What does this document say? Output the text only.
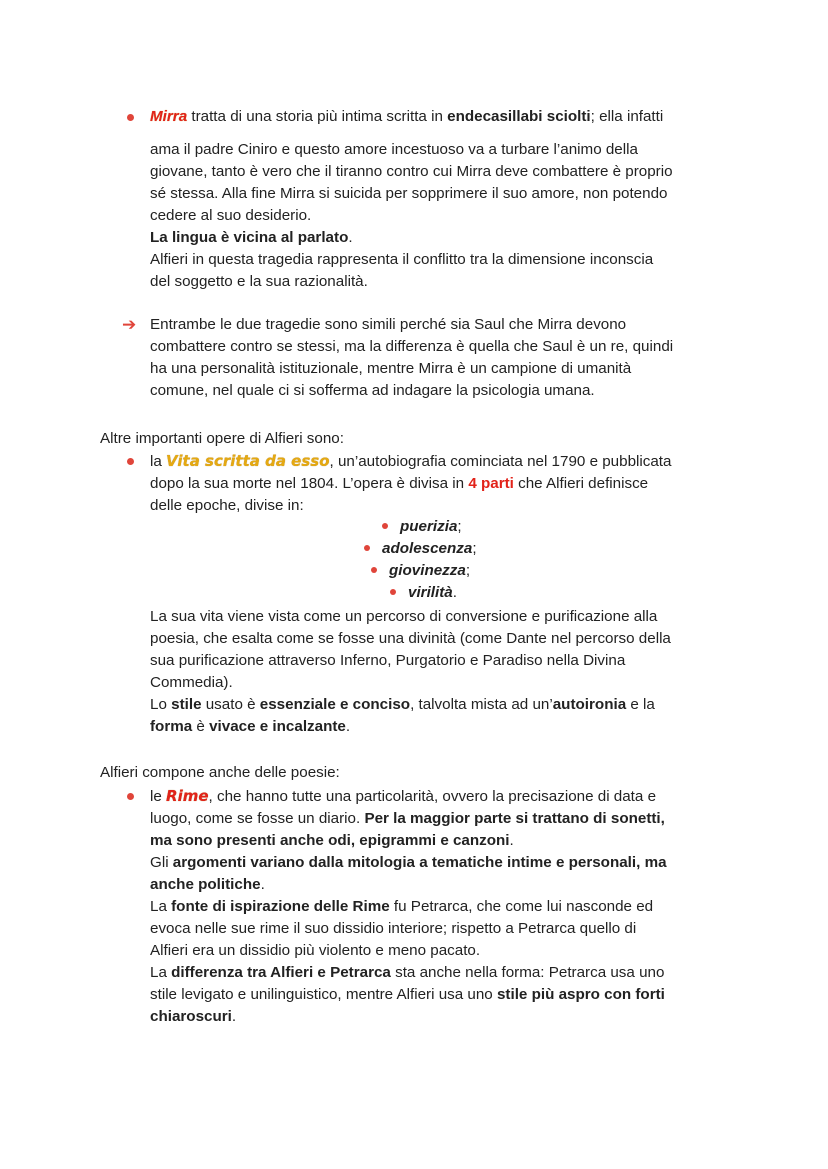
Mirra tratta di una storia più intima scritta in endecasillabi sciolti; ella infatti
ama il padre Ciniro e questo amore incestuoso va a turbare l’animo della
giovane, tanto è vero che il tiranno contro cui Mirra deve combattere è proprio
sé stessa. Alla fine Mirra si suicida per sopprimere il suo amore, non potendo
cedere al suo desiderio.
La lingua è vicina al parlato.
Alfieri in questa tragedia rappresenta il conflitto tra la dimensione inconscia
del soggetto e la sua razionalità.
➔ Entrambe le due tragedie sono simili perché sia Saul che Mirra devono
combattere contro se stessi, ma la differenza è quella che Saul è un re, quindi
ha una personalità istituzionale, mentre Mirra è un campione di umanità
comune, nel quale ci si sofferma ad indagare la psicologia umana.
Altre importanti opere di Alfieri sono:
la Vita scritta da esso, un’autobiografia cominciata nel 1790 e pubblicata
dopo la sua morte nel 1804. L’opera è divisa in 4 parti che Alfieri definisce
delle epoche, divise in:
puerizia;
adolescenza;
giovinezza;
virilità.
La sua vita viene vista come un percorso di conversione e purificazione alla
poesia, che esalta come se fosse una divinità (come Dante nel percorso della
sua purificazione attraverso Inferno, Purgatorio e Paradiso nella Divina
Commedia).
Lo stile usato è essenziale e conciso, talvolta mista ad un’autoironia e la
forma è vivace e incalzante.
Alfieri compone anche delle poesie:
le Rime, che hanno tutte una particolarità, ovvero la precisazione di data e
luogo, come se fosse un diario. Per la maggior parte si trattano di sonetti,
ma sono presenti anche odi, epigrammi e canzoni.
Gli argomenti variano dalla mitologia a tematiche intime e personali, ma
anche politiche.
La fonte di ispirazione delle Rime fu Petrarca, che come lui nasconde ed
evoca nelle sue rime il suo dissidio interiore; rispetto a Petrarca quello di
Alfieri era un dissidio più violento e meno pacato.
La differenza tra Alfieri e Petrarca sta anche nella forma: Petrarca usa uno
stile levigato e unilinguistico, mentre Alfieri usa uno stile più aspro con forti
chiaroscuri.
